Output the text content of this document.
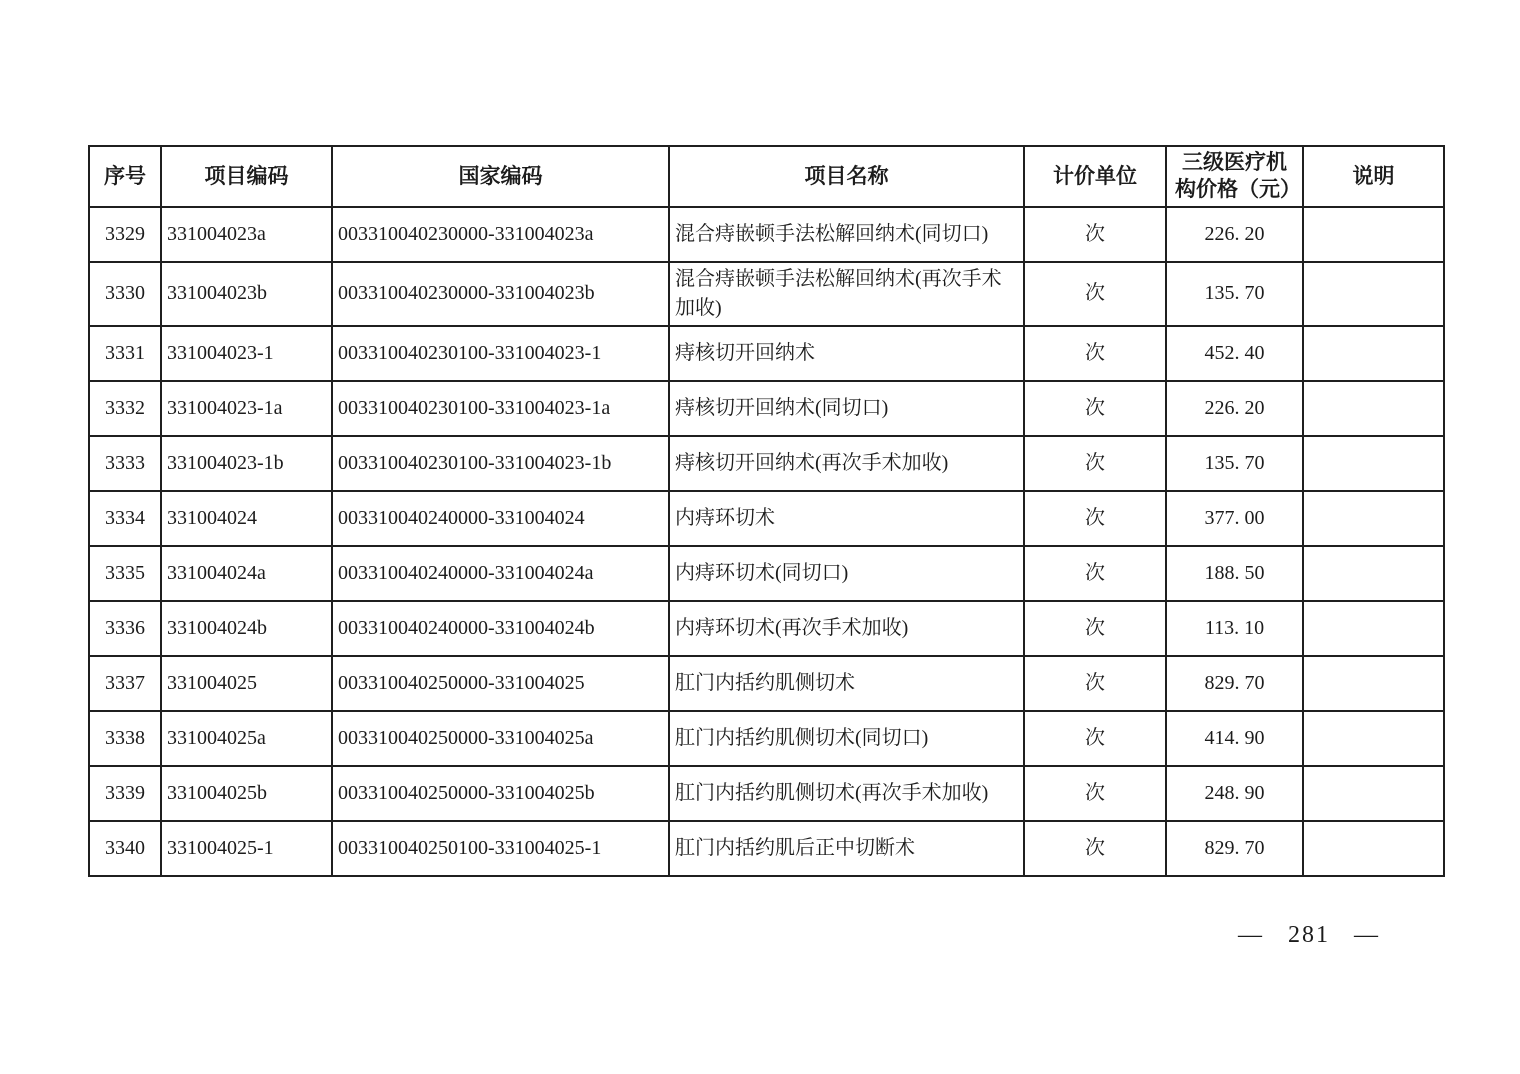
序号	项目编码	国家编码	项目名称	计价单位	三级医疗机构价格（元）	说明
3329	331004023a	003310040230000-331004023a	混合痔嵌顿手法松解回纳术(同切口)	次	226. 20	
3330	331004023b	003310040230000-331004023b	混合痔嵌顿手法松解回纳术(再次手术加收)	次	135. 70	
3331	331004023-1	003310040230100-331004023-1	痔核切开回纳术	次	452. 40	
3332	331004023-1a	003310040230100-331004023-1a	痔核切开回纳术(同切口)	次	226. 20	
3333	331004023-1b	003310040230100-331004023-1b	痔核切开回纳术(再次手术加收)	次	135. 70	
3334	331004024	003310040240000-331004024	内痔环切术	次	377. 00	
3335	331004024a	003310040240000-331004024a	内痔环切术(同切口)	次	188. 50	
3336	331004024b	003310040240000-331004024b	内痔环切术(再次手术加收)	次	113. 10	
3337	331004025	003310040250000-331004025	肛门内括约肌侧切术	次	829. 70	
3338	331004025a	003310040250000-331004025a	肛门内括约肌侧切术(同切口)	次	414. 90	
3339	331004025b	003310040250000-331004025b	肛门内括约肌侧切术(再次手术加收)	次	248. 90	
3340	331004025-1	003310040250100-331004025-1	肛门内括约肌后正中切断术	次	829. 70	
— 281 —
